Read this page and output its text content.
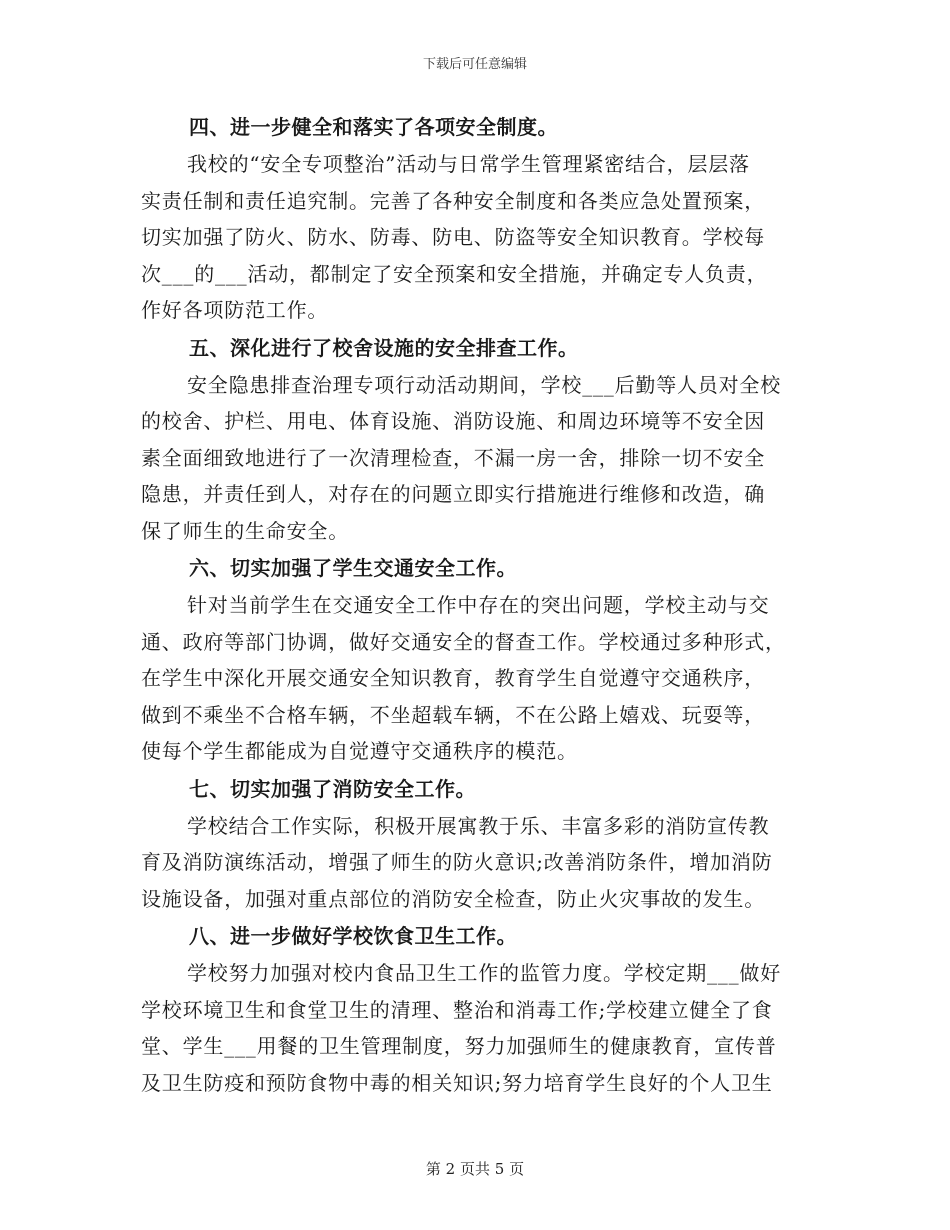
下载后可任意编辑
四、进一步健全和落实了各项安全制度。
我校的“安全专项整治”活动与日常学生管理紧密结合，层层落
实责任制和责任追究制。完善了各种安全制度和各类应急处置预案，
切实加强了防火、防水、防毒、防电、防盗等安全知识教育。学校每
次___的___活动，都制定了安全预案和安全措施，并确定专人负责，
作好各项防范工作。
五、深化进行了校舍设施的安全排查工作。
安全隐患排查治理专项行动活动期间，学校___后勤等人员对全校
的校舍、护栏、用电、体育设施、消防设施、和周边环境等不安全因
素全面细致地进行了一次清理检查，不漏一房一舍，排除一切不安全
隐患，并责任到人，对存在的问题立即实行措施进行维修和改造，确
保了师生的生命安全。
六、切实加强了学生交通安全工作。
针对当前学生在交通安全工作中存在的突出问题，学校主动与交
通、政府等部门协调，做好交通安全的督查工作。学校通过多种形式，
在学生中深化开展交通安全知识教育，教育学生自觉遵守交通秩序，
做到不乘坐不合格车辆，不坐超载车辆，不在公路上嬉戏、玩耍等，
使每个学生都能成为自觉遵守交通秩序的模范。
七、切实加强了消防安全工作。
学校结合工作实际，积极开展寓教于乐、丰富多彩的消防宣传教
育及消防演练活动，增强了师生的防火意识;改善消防条件，增加消防
设施设备，加强对重点部位的消防安全检查，防止火灾事故的发生。
八、进一步做好学校饮食卫生工作。
学校努力加强对校内食品卫生工作的监管力度。学校定期___做好
学校环境卫生和食堂卫生的清理、整治和消毒工作;学校建立健全了食
堂、学生___用餐的卫生管理制度，努力加强师生的健康教育，宣传普
及卫生防疫和预防食物中毒的相关知识;努力培育学生良好的个人卫生
第 2 页共 5 页
